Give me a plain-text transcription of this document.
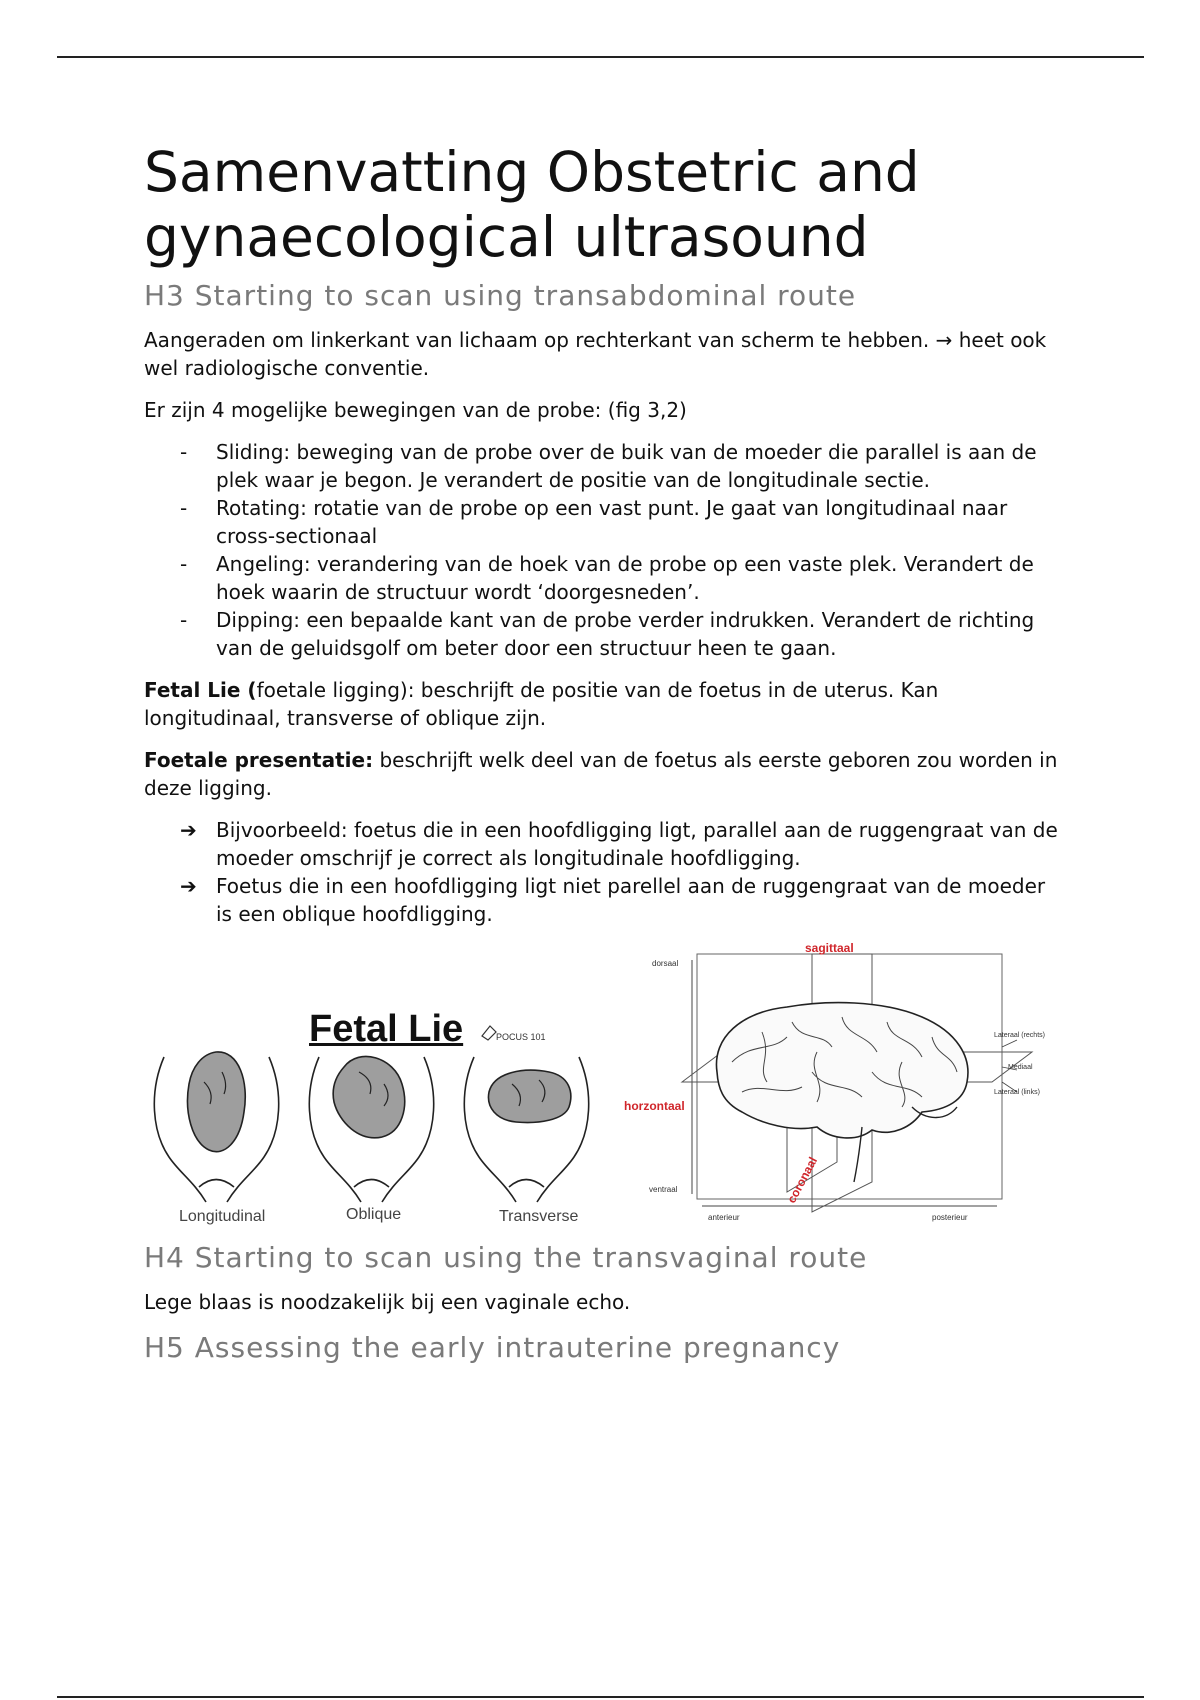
Samenvatting Obstetric and gynaecological ultrasound
H3 Starting to scan using transabdominal route

Aangeraden om linkerkant van lichaam op rechterkant van scherm te hebben. → heet ook wel radiologische conventie.

Er zijn 4 mogelijke bewegingen van de probe: (fig 3,2)

-	Sliding: beweging van de probe over de buik van de moeder die parallel is aan de plek waar je begon. Je verandert de positie van de longitudinale sectie.
-	Rotating: rotatie van de probe op een vast punt. Je gaat van longitudinaal naar cross-sectionaal
-	Angeling: verandering van de hoek van de probe op een vaste plek. Verandert de hoek waarin de structuur wordt ‘doorgesneden’.
-	Dipping: een bepaalde kant van de probe verder indrukken. Verandert de richting van de geluidsgolf om beter door een structuur heen te gaan.

Fetal Lie (foetale ligging): beschrijft de positie van de foetus in de uterus. Kan longitudinaal, transverse of oblique zijn.

Foetale presentatie: beschrijft welk deel van de foetus als eerste geboren zou worden in deze ligging.

➔ Bijvoorbeeld: foetus die in een hoofdligging ligt, parallel aan de ruggengraat van de moeder omschrijf je correct als longitudinale hoofdligging.
➔ Foetus die in een hoofdligging ligt niet parellel aan de ruggengraat van de moeder is een oblique hoofdligging.
Fetal Lie	POCUS 101
Longitudinal	Oblique	Transverse
sagittaal
dorsaal
horzontaal
ventraal	coronaal
anterieur	posterieur
Lateraal (rechts)
Mediaal
Lateraal (links)
H4 Starting to scan using the transvaginal route

Lege blaas is noodzakelijk bij een vaginale echo.

H5 Assessing the early intrauterine pregnancy
